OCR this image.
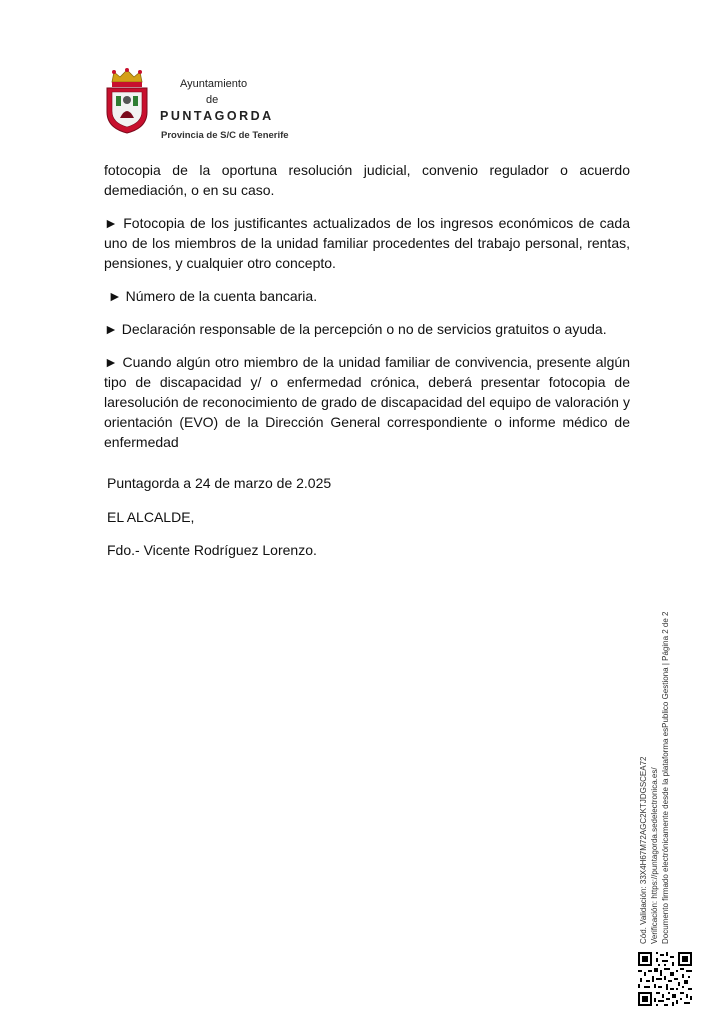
Ayuntamiento
de
PUNTAGORDA
Provincia de S/C de Tenerife

fotocopia de la oportuna resolución judicial, convenio regulador o acuerdo demediación, o en su caso.

► Fotocopia de los justificantes actualizados de los ingresos económicos de cada uno de los miembros de la unidad familiar procedentes del trabajo personal, rentas, pensiones, y cualquier otro concepto.

► Número de la cuenta bancaria.

► Declaración responsable de la percepción o no de servicios gratuitos o ayuda.

► Cuando algún otro miembro de la unidad familiar de convivencia, presente algún tipo de discapacidad y/ o enfermedad crónica, deberá presentar fotocopia de laresolución de reconocimiento de grado de discapacidad del equipo de valoración y orientación (EVO) de la Dirección General correspondiente o informe médico de enfermedad

Puntagorda a 24 de marzo de 2.025
EL ALCALDE,
Fdo.- Vicente Rodríguez Lorenzo.
Cód. Validación: 33X4H67M72AGC2KTJDGSCEA72 Verificación: https://puntagorda.sedelectronica.es/ Documento firmado electrónicamente desde la plataforma esPublico Gestiona | Página 2 de 2
